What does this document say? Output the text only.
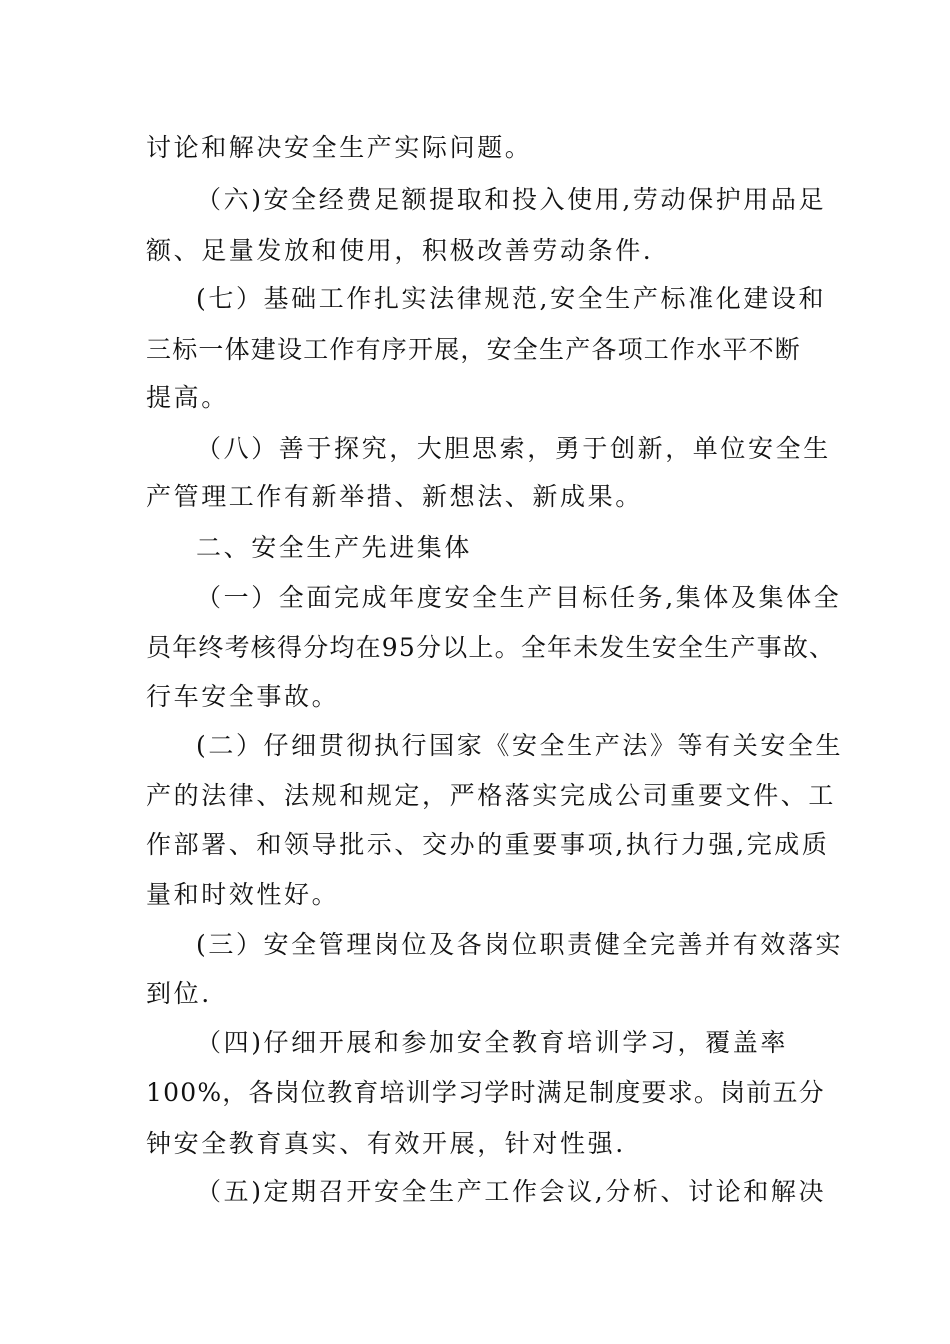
讨论和解决安全生产实际问题。
（六)安全经费足额提取和投入使用,劳动保护用品足
额、足量发放和使用，积极改善劳动条件.
(七）基础工作扎实法律规范,安全生产标准化建设和
三标一体建设工作有序开展，安全生产各项工作水平不断
提高。
（八）善于探究，大胆思索，勇于创新，单位安全生
产管理工作有新举措、新想法、新成果。
二、安全生产先进集体
（一）全面完成年度安全生产目标任务,集体及集体全
员年终考核得分均在95分以上。全年未发生安全生产事故、
行车安全事故。
(二）仔细贯彻执行国家《安全生产法》等有关安全生
产的法律、法规和规定，严格落实完成公司重要文件、工
作部署、和领导批示、交办的重要事项,执行力强,完成质
量和时效性好。
(三）安全管理岗位及各岗位职责健全完善并有效落实
到位.
（四)仔细开展和参加安全教育培训学习，覆盖率
100%，各岗位教育培训学习学时满足制度要求。岗前五分
钟安全教育真实、有效开展，针对性强.
（五)定期召开安全生产工作会议,分析、讨论和解决
